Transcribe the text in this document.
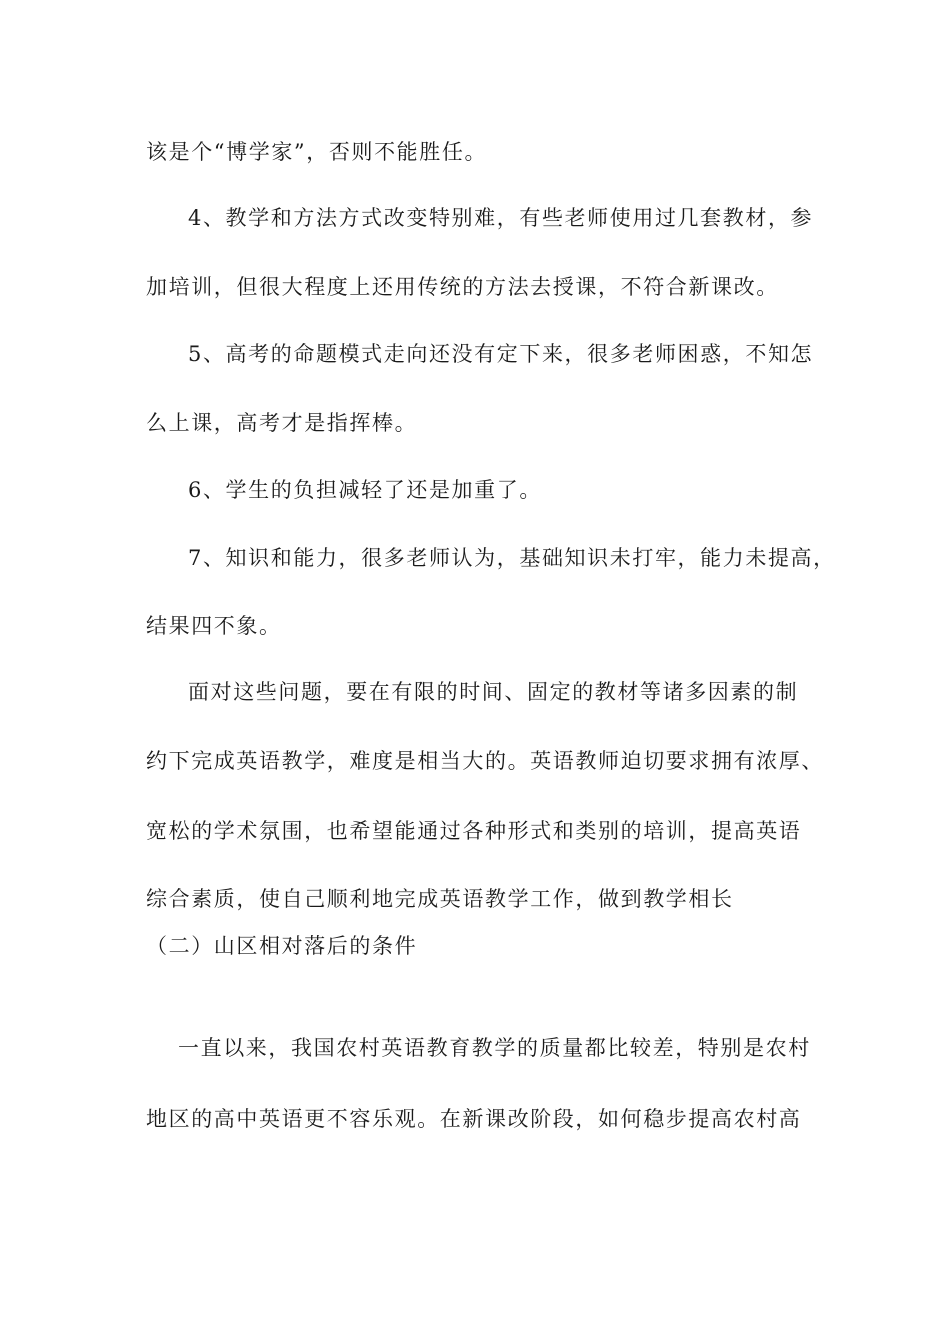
该是个“博学家”，否则不能胜任。
4、教学和方法方式改变特别难，有些老师使用过几套教材，参
加培训，但很大程度上还用传统的方法去授课，不符合新课改。
5、高考的命题模式走向还没有定下来，很多老师困惑，不知怎
么上课，高考才是指挥棒。
6、学生的负担减轻了还是加重了。
7、知识和能力，很多老师认为，基础知识未打牢，能力未提高，
结果四不象。
面对这些问题，要在有限的时间、固定的教材等诸多因素的制
约下完成英语教学，难度是相当大的。英语教师迫切要求拥有浓厚、
宽松的学术氛围，也希望能通过各种形式和类别的培训，提高英语
综合素质，使自己顺利地完成英语教学工作，做到教学相长
（二）山区相对落后的条件
一直以来，我国农村英语教育教学的质量都比较差，特别是农村
地区的高中英语更不容乐观。在新课改阶段，如何稳步提高农村高
